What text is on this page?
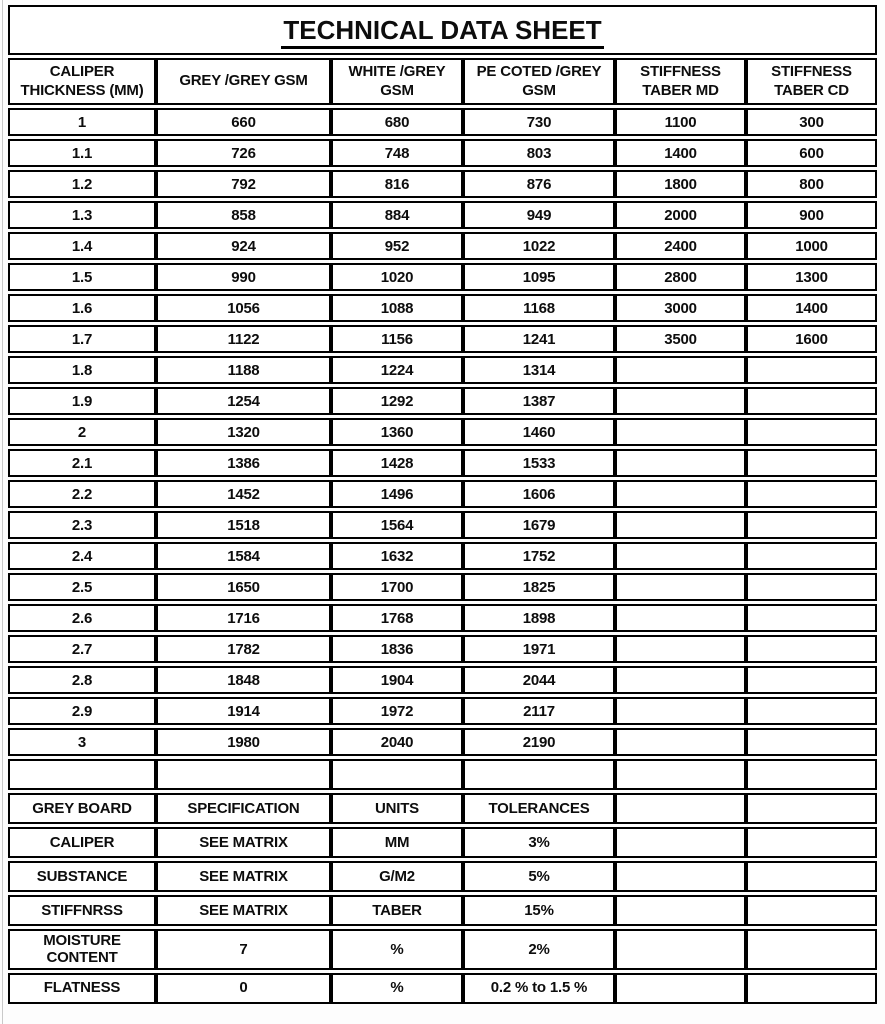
TECHNICAL DATA SHEET					
CALIPER THICKNESS (MM)	GREY /GREY GSM	WHITE /GREY GSM	PE COTED /GREY GSM	STIFFNESS TABER MD	STIFFNESS TABER CD
1	660	680	730	1100	300
1.1	726	748	803	1400	600
1.2	792	816	876	1800	800
1.3	858	884	949	2000	900
1.4	924	952	1022	2400	1000
1.5	990	1020	1095	2800	1300
1.6	1056	1088	1168	3000	1400
1.7	1122	1156	1241	3500	1600
1.8	1188	1224	1314		
1.9	1254	1292	1387		
2	1320	1360	1460		
2.1	1386	1428	1533		
2.2	1452	1496	1606		
2.3	1518	1564	1679		
2.4	1584	1632	1752		
2.5	1650	1700	1825		
2.6	1716	1768	1898		
2.7	1782	1836	1971		
2.8	1848	1904	2044		
2.9	1914	1972	2117		
3	1980	2040	2190		

GREY BOARD	SPECIFICATION	UNITS	TOLERANCES		
CALIPER	SEE MATRIX	MM	3%		
SUBSTANCE	SEE MATRIX	G/M2	5%		
STIFFNRSS	SEE MATRIX	TABER	15%		
MOISTURE CONTENT	7	%	2%		
FLATNESS	0	%	0.2 % to 1.5 %		
